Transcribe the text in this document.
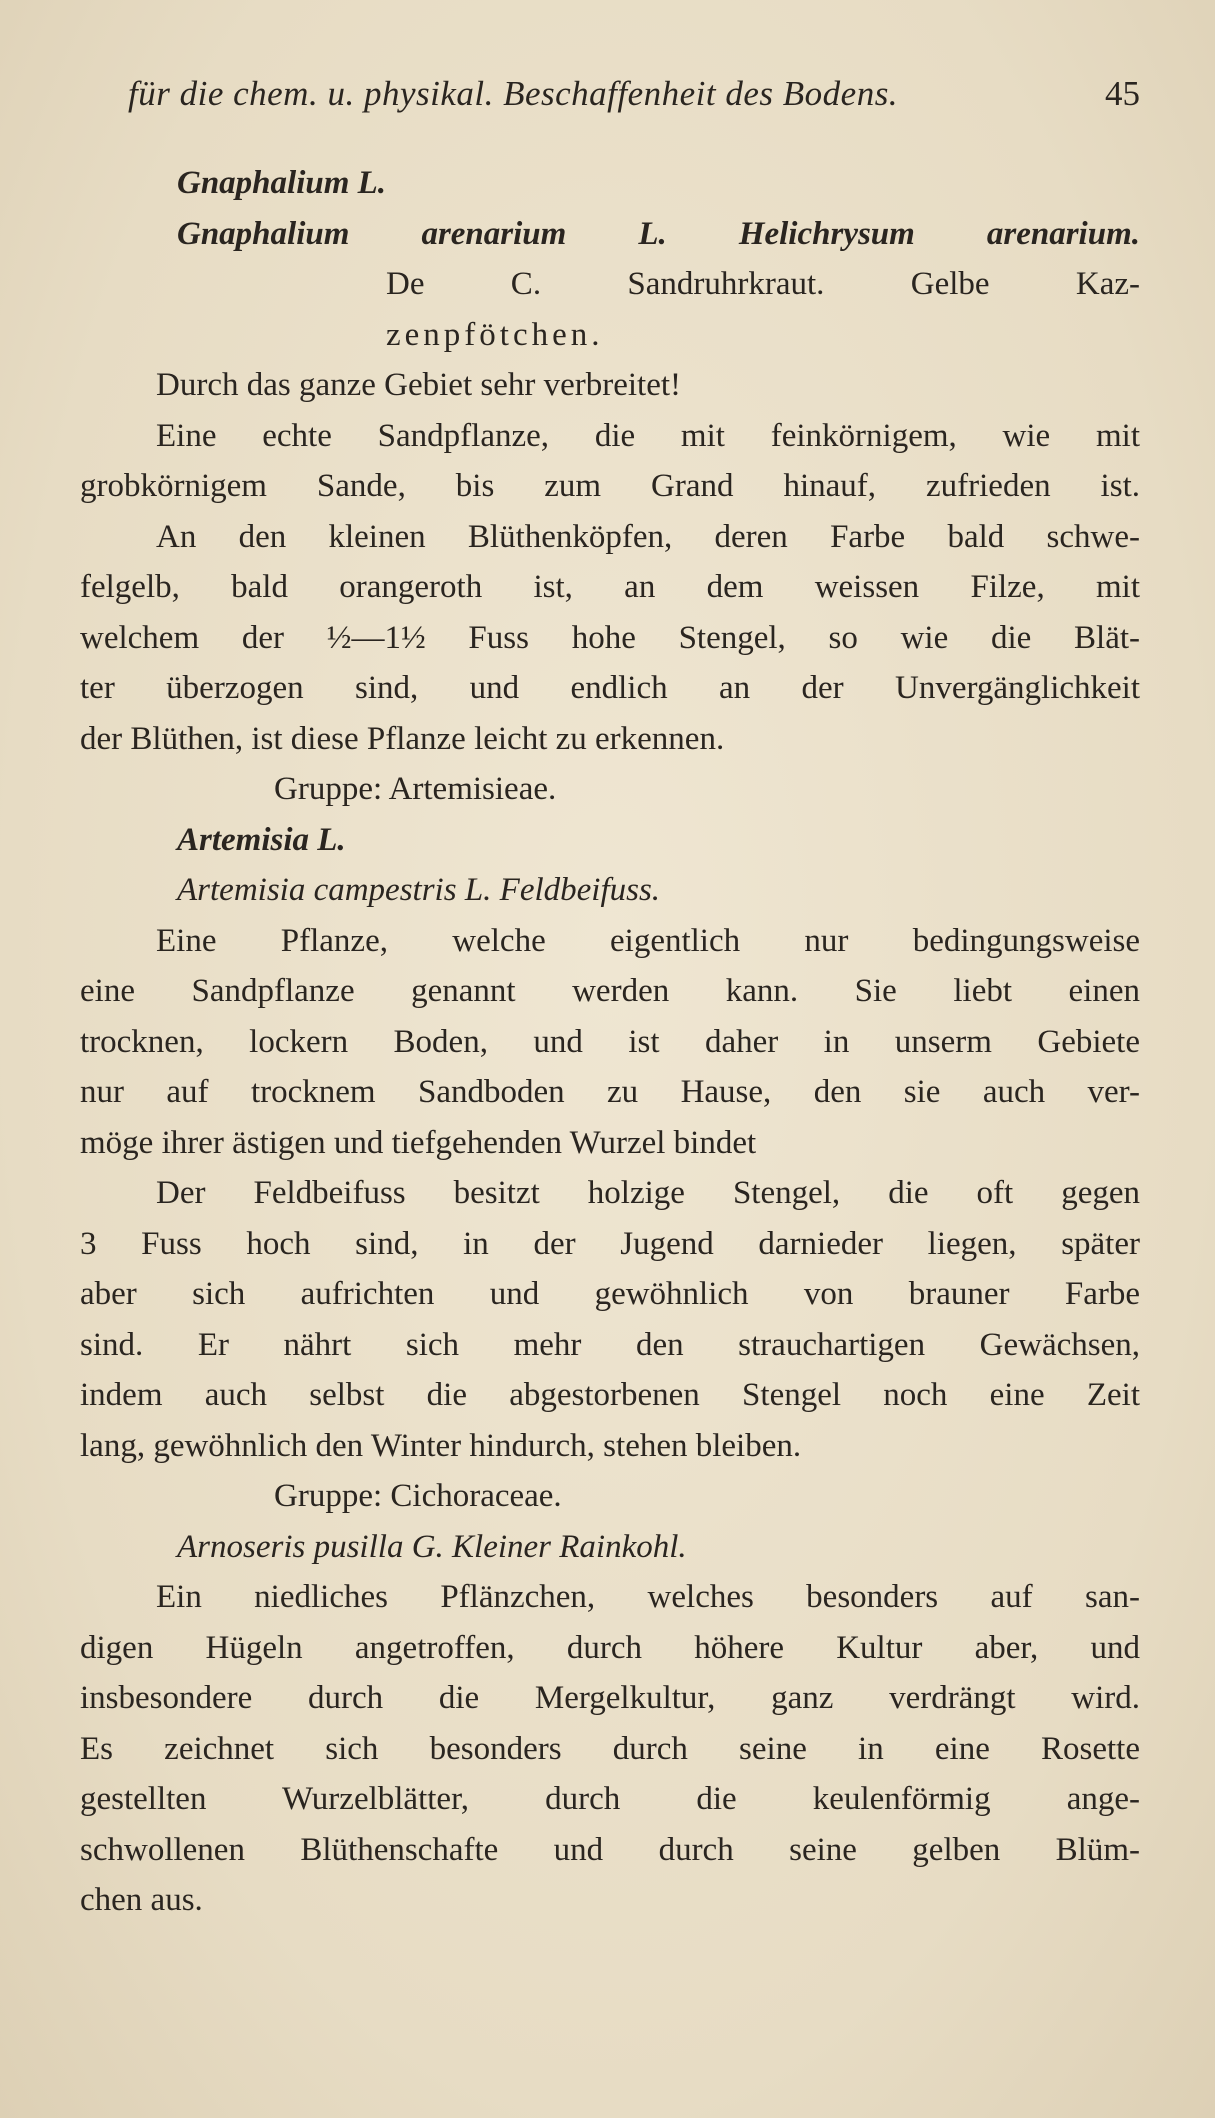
für die chem. u. physikal. Beschaffenheit des Bodens.	45
Gnaphalium L.
Gnaphalium arenarium L. Helichrysum arenarium.
De C. Sandruhrkraut. Gelbe Kaz-
zenpfötchen.
Durch das ganze Gebiet sehr verbreitet!
Eine echte Sandpflanze, die mit feinkörnigem, wie mit
grobkörnigem Sande, bis zum Grand hinauf, zufrieden ist.
An den kleinen Blüthenköpfen, deren Farbe bald schwe-
felgelb, bald orangeroth ist, an dem weissen Filze, mit
welchem der ½—1½ Fuss hohe Stengel, so wie die Blät-
ter überzogen sind, und endlich an der Unvergänglichkeit
der Blüthen, ist diese Pflanze leicht zu erkennen.
Gruppe: Artemisieae.
Artemisia L.
Artemisia campestris L. Feldbeifuss.
Eine Pflanze, welche eigentlich nur bedingungsweise
eine Sandpflanze genannt werden kann. Sie liebt einen
trocknen, lockern Boden, und ist daher in unserm Gebiete
nur auf trocknem Sandboden zu Hause, den sie auch ver-
möge ihrer ästigen und tiefgehenden Wurzel bindet
Der Feldbeifuss besitzt holzige Stengel, die oft gegen
3 Fuss hoch sind, in der Jugend darnieder liegen, später
aber sich aufrichten und gewöhnlich von brauner Farbe
sind. Er nährt sich mehr den strauchartigen Gewächsen,
indem auch selbst die abgestorbenen Stengel noch eine Zeit
lang, gewöhnlich den Winter hindurch, stehen bleiben.
Gruppe: Cichoraceae.
Arnoseris pusilla G. Kleiner Rainkohl.
Ein niedliches Pflänzchen, welches besonders auf san-
digen Hügeln angetroffen, durch höhere Kultur aber, und
insbesondere durch die Mergelkultur, ganz verdrängt wird.
Es zeichnet sich besonders durch seine in eine Rosette
gestellten Wurzelblätter, durch die keulenförmig ange-
schwollenen Blüthenschafte und durch seine gelben Blüm-
chen aus.
